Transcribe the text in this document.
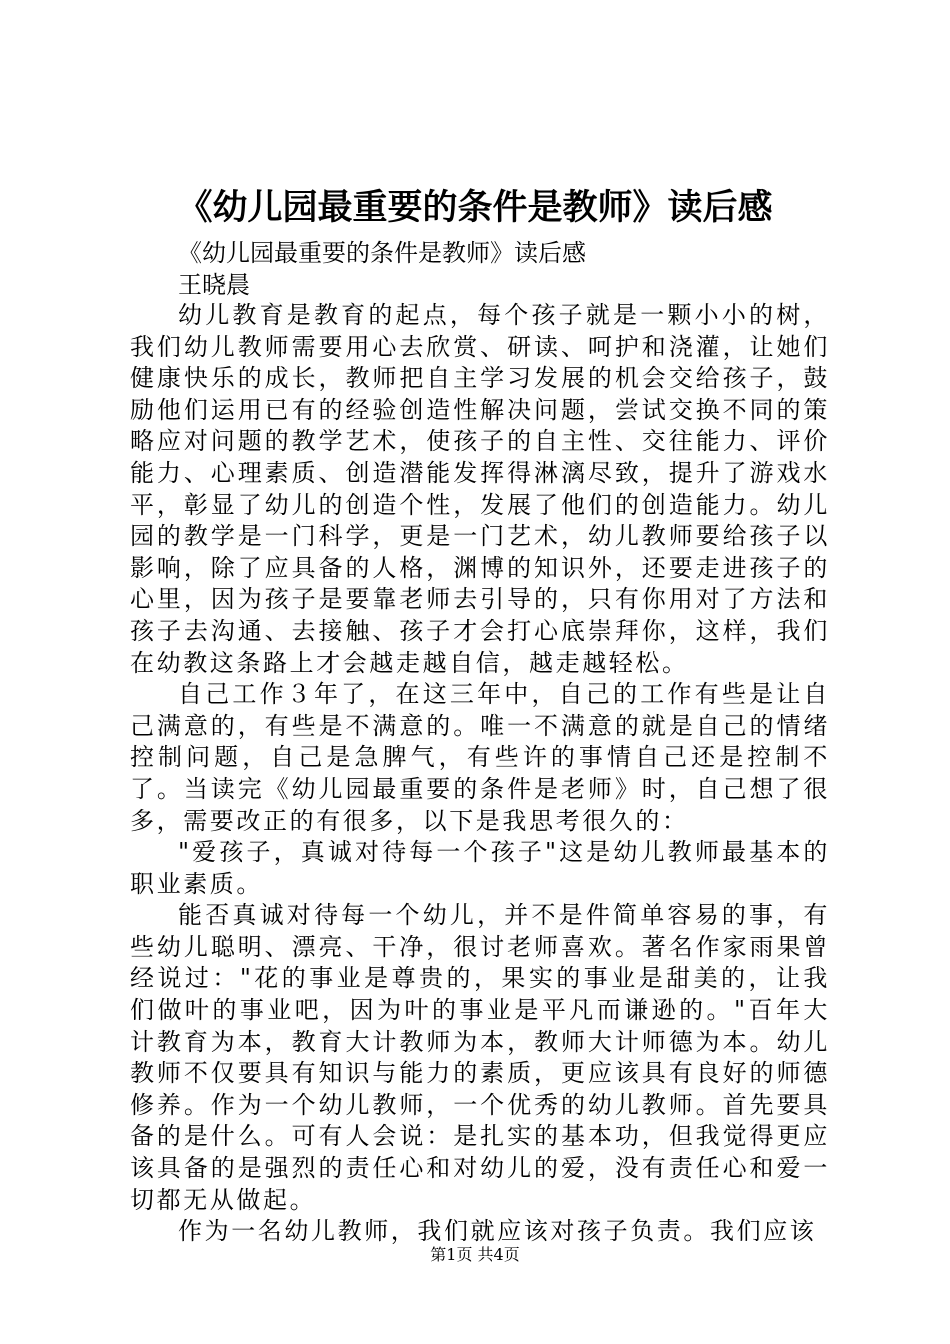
《幼儿园最重要的条件是教师》读后感
《幼儿园最重要的条件是教师》读后感
王晓晨

幼儿教育是教育的起点，每个孩子就是一颗小小的树，我们幼儿教师需要用心去欣赏、研读、呵护和浇灌，让她们健康快乐的成长，教师把自主学习发展的机会交给孩子，鼓励他们运用已有的经验创造性解决问题，尝试交换不同的策略应对问题的教学艺术，使孩子的自主性、交往能力、评价能力、心理素质、创造潜能发挥得淋漓尽致，提升了游戏水平，彰显了幼儿的创造个性，发展了他们的创造能力。幼儿园的教学是一门科学，更是一门艺术，幼儿教师要给孩子以影响，除了应具备的人格，渊博的知识外，还要走进孩子的心里，因为孩子是要靠老师去引导的，只有你用对了方法和孩子去沟通、去接触、孩子才会打心底崇拜你，这样，我们在幼教这条路上才会越走越自信，越走越轻松。

自己工作３年了，在这三年中，自己的工作有些是让自己满意的，有些是不满意的。唯一不满意的就是自己的情绪控制问题，自己是急脾气，有些许的事情自己还是控制不了。当读完《幼儿园最重要的条件是老师》时，自己想了很多，需要改正的有很多，以下是我思考很久的：

"爱孩子，真诚对待每一个孩子"这是幼儿教师最基本的职业素质。

能否真诚对待每一个幼儿，并不是件简单容易的事，有些幼儿聪明、漂亮、干净，很讨老师喜欢。著名作家雨果曾经说过："花的事业是尊贵的，果实的事业是甜美的，让我们做叶的事业吧，因为叶的事业是平凡而谦逊的。"百年大计教育为本，教育大计教师为本，教师大计师德为本。幼儿教师不仅要具有知识与能力的素质，更应该具有良好的师德修养。作为一个幼儿教师，一个优秀的幼儿教师。首先要具备的是什么。可有人会说：是扎实的基本功，但我觉得更应该具备的是强烈的责任心和对幼儿的爱，没有责任心和爱一切都无从做起。

作为一名幼儿教师，我们就应该对孩子负责。我们应该

第1页 共4页
